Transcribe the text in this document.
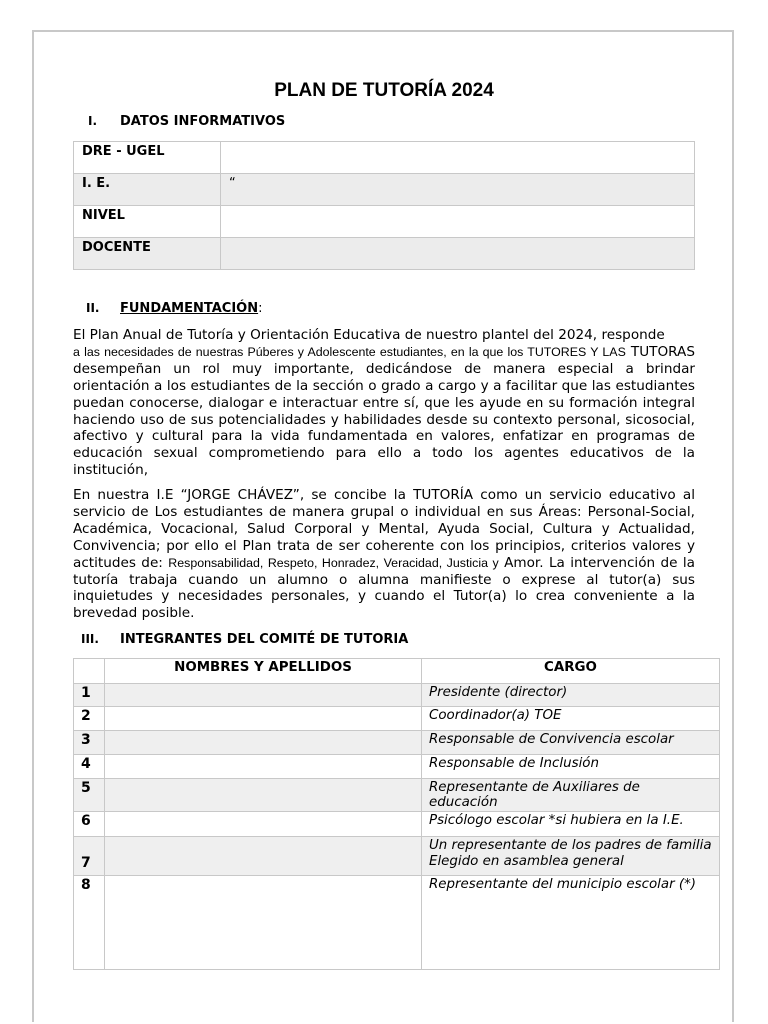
PLAN DE TUTORÍA 2024
I. DATOS INFORMATIVOS
DRE - UGEL	
I. E.	“
NIVEL	
DOCENTE	
II. FUNDAMENTACIÓN:
El Plan Anual de Tutoría y Orientación Educativa de nuestro plantel del 2024, responde
a las necesidades de nuestras Púberes y Adolescente estudiantes, en la que los TUTORES Y LAS TUTORAS desempeñan un rol muy importante, dedicándose de manera especial a brindar orientación a los estudiantes de la sección o grado a cargo y a facilitar que las estudiantes puedan conocerse, dialogar e interactuar entre sí, que les ayude en su formación integral haciendo uso de sus potencialidades y habilidades desde su contexto personal, sicosocial, afectivo y cultural para la vida fundamentada en valores, enfatizar en programas de educación sexual comprometiendo para ello a todo los agentes educativos de la institución,
En nuestra I.E “JORGE CHÁVEZ”, se concibe la TUTORÍA como un servicio educativo al servicio de Los estudiantes de manera grupal o individual en sus Áreas: Personal-Social, Académica, Vocacional, Salud Corporal y Mental, Ayuda Social, Cultura y Actualidad, Convivencia; por ello el Plan trata de ser coherente con los principios, criterios valores y actitudes de: Responsabilidad, Respeto, Honradez, Veracidad, Justicia y Amor. La intervención de la tutoría trabaja cuando un alumno o alumna manifieste o exprese al tutor(a) sus inquietudes y necesidades personales, y cuando el Tutor(a) lo crea conveniente a la brevedad posible.
III. INTEGRANTES DEL COMITÉ DE TUTORIA
	NOMBRES Y APELLIDOS	CARGO
1		Presidente (director)
2		Coordinador(a) TOE
3		Responsable de Convivencia escolar
4		Responsable de Inclusión
5		Representante de Auxiliares de educación
6		Psicólogo escolar *si hubiera en la I.E.
7		Un representante de los padres de familia Elegido en asamblea general
8		Representante del municipio escolar (*)
